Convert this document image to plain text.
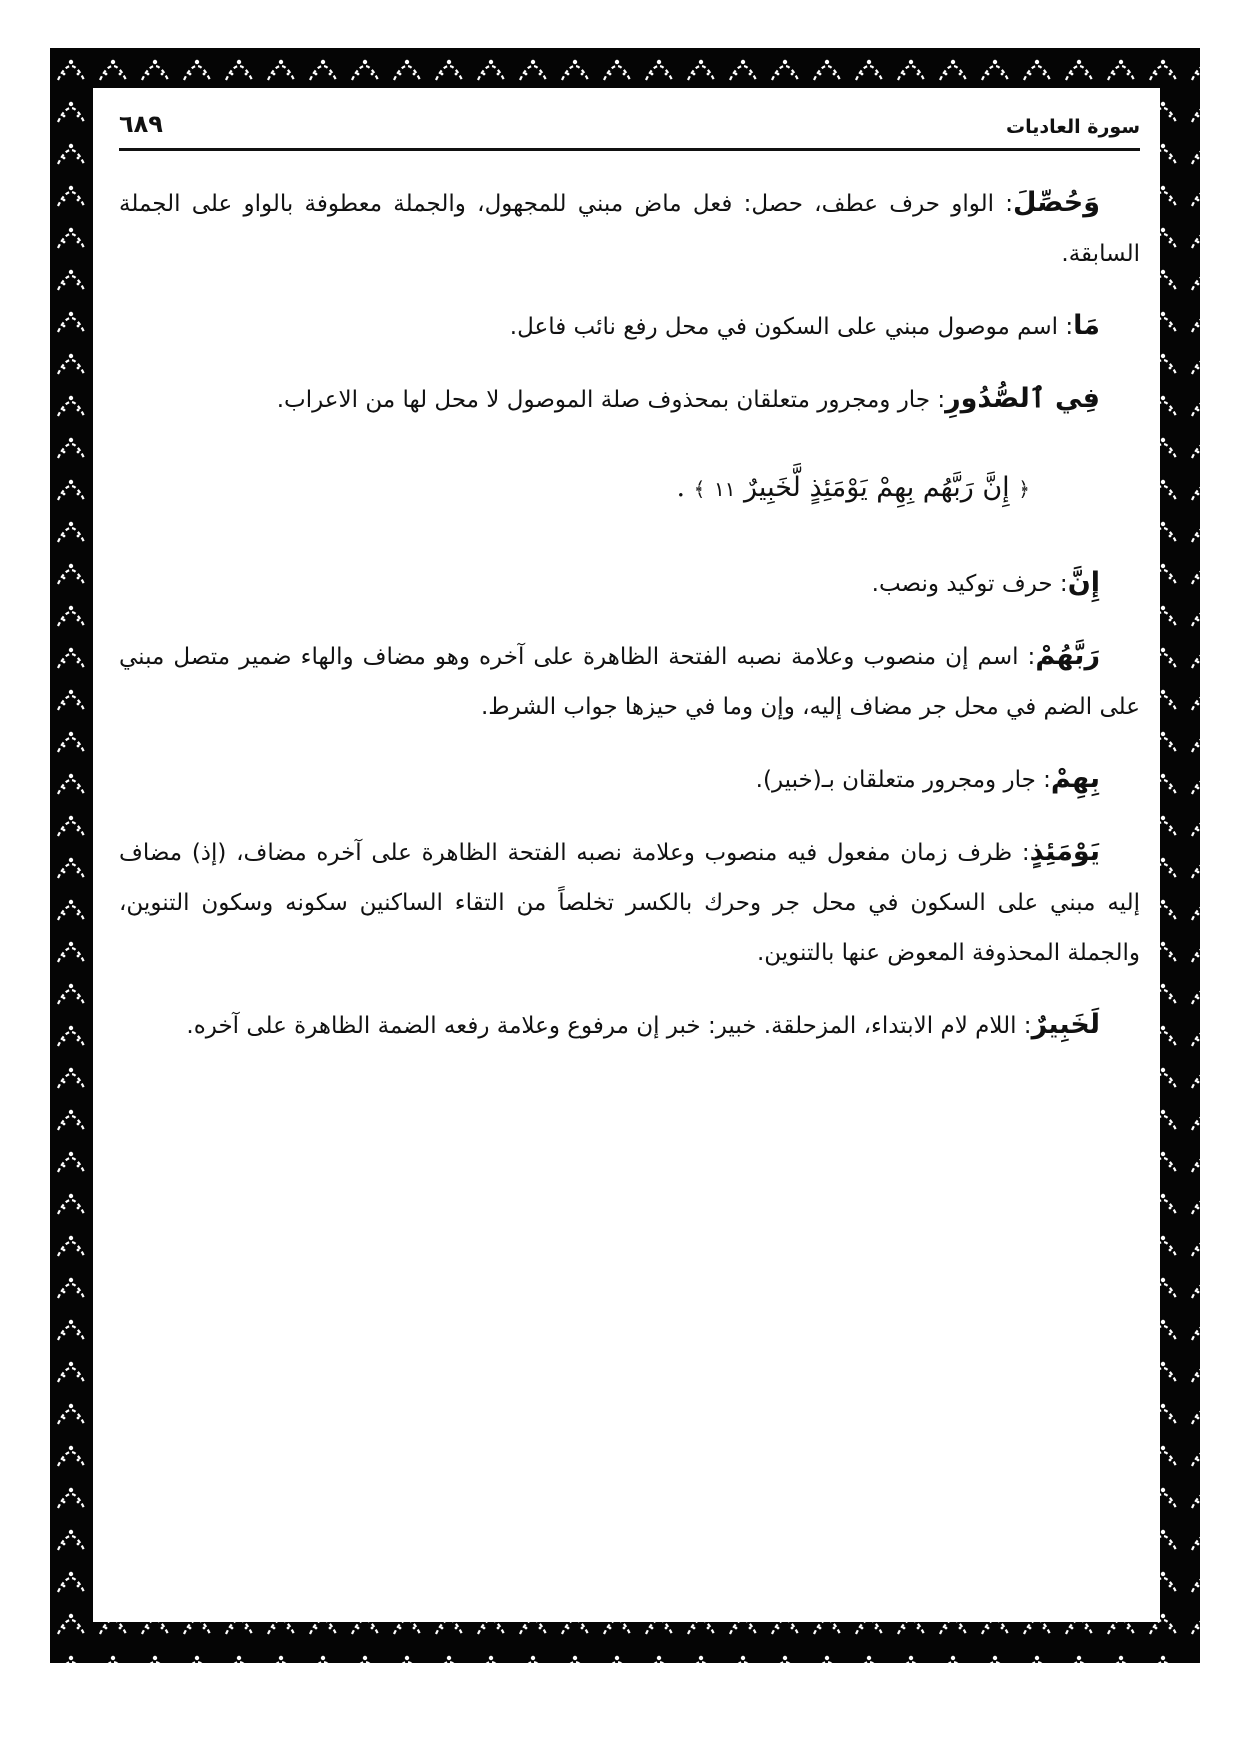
سورة العاديات
٦٨٩

وَحُصِّلَ: الواو حرف عطف، حصل: فعل ماض مبني للمجهول، والجملة معطوفة بالواو على الجملة السابقة.

مَا: اسم موصول مبني على السكون في محل رفع نائب فاعل.

فِي ٱلصُّدُورِ: جار ومجرور متعلقان بمحذوف صلة الموصول لا محل لها من الاعراب.

﴿ إِنَّ رَبَّهُم بِهِمْ يَوْمَئِذٍ لَّخَبِيرٌ ١١ ﴾ .

إِنَّ: حرف توكيد ونصب.

رَبَّهُمْ: اسم إن منصوب وعلامة نصبه الفتحة الظاهرة على آخره وهو مضاف والهاء ضمير متصل مبني على الضم في محل جر مضاف إليه، وإن وما في حيزها جواب الشرط.

بِهِمْ: جار ومجرور متعلقان بـ(خبير).

يَوْمَئِذٍ: ظرف زمان مفعول فيه منصوب وعلامة نصبه الفتحة الظاهرة على آخره مضاف، (إذ) مضاف إليه مبني على السكون في محل جر وحرك بالكسر تخلصاً من التقاء الساكنين سكونه وسكون التنوين، والجملة المحذوفة المعوض عنها بالتنوين.

لَخَبِيرٌ: اللام لام الابتداء، المزحلقة. خبير: خبر إن مرفوع وعلامة رفعه الضمة الظاهرة على آخره.
